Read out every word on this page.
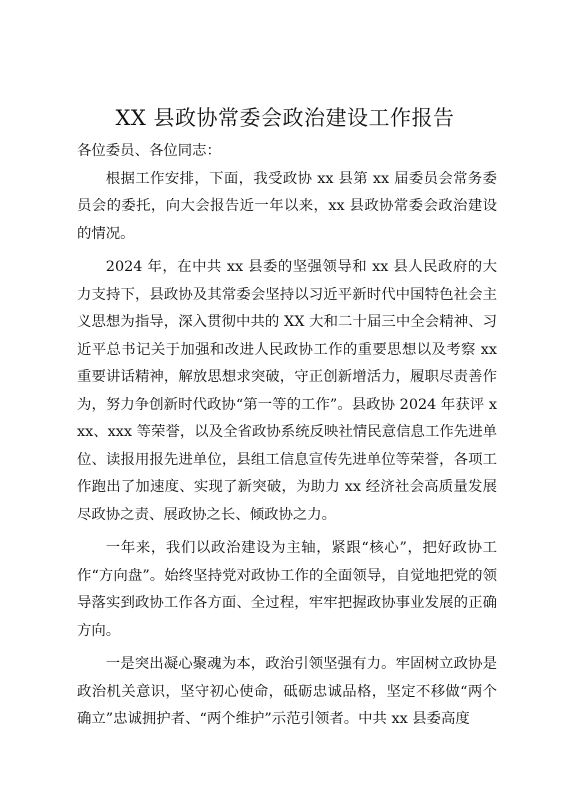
XX 县政协常委会政治建设工作报告

各位委员、各位同志：

根据工作安排，下面，我受政协 xx 县第 xx 届委员会常务委员会的委托，向大会报告近一年以来，xx 县政协常委会政治建设的情况。

2024 年，在中共 xx 县委的坚强领导和 xx 县人民政府的大力支持下，县政协及其常委会坚持以习近平新时代中国特色社会主义思想为指导，深入贯彻中共的 XX 大和二十届三中全会精神、习近平总书记关于加强和改进人民政协工作的重要思想以及考察 xx 重要讲话精神，解放思想求突破，守正创新增活力，履职尽责善作为，努力争创新时代政协“第一等的工作”。县政协 2024 年获评 xxx、xxx 等荣誉，以及全省政协系统反映社情民意信息工作先进单位、读报用报先进单位，县组工信息宣传先进单位等荣誉，各项工作跑出了加速度、实现了新突破，为助力 xx 经济社会高质量发展尽政协之责、展政协之长、倾政协之力。

一年来，我们以政治建设为主轴，紧跟“核心”，把好政协工作“方向盘”。始终坚持党对政协工作的全面领导，自觉地把党的领导落实到政协工作各方面、全过程，牢牢把握政协事业发展的正确方向。

一是突出凝心聚魂为本，政治引领坚强有力。牢固树立政协是政治机关意识，坚守初心使命，砥砺忠诚品格，坚定不移做“两个确立”忠诚拥护者、“两个维护”示范引领者。中共 xx 县委高度
